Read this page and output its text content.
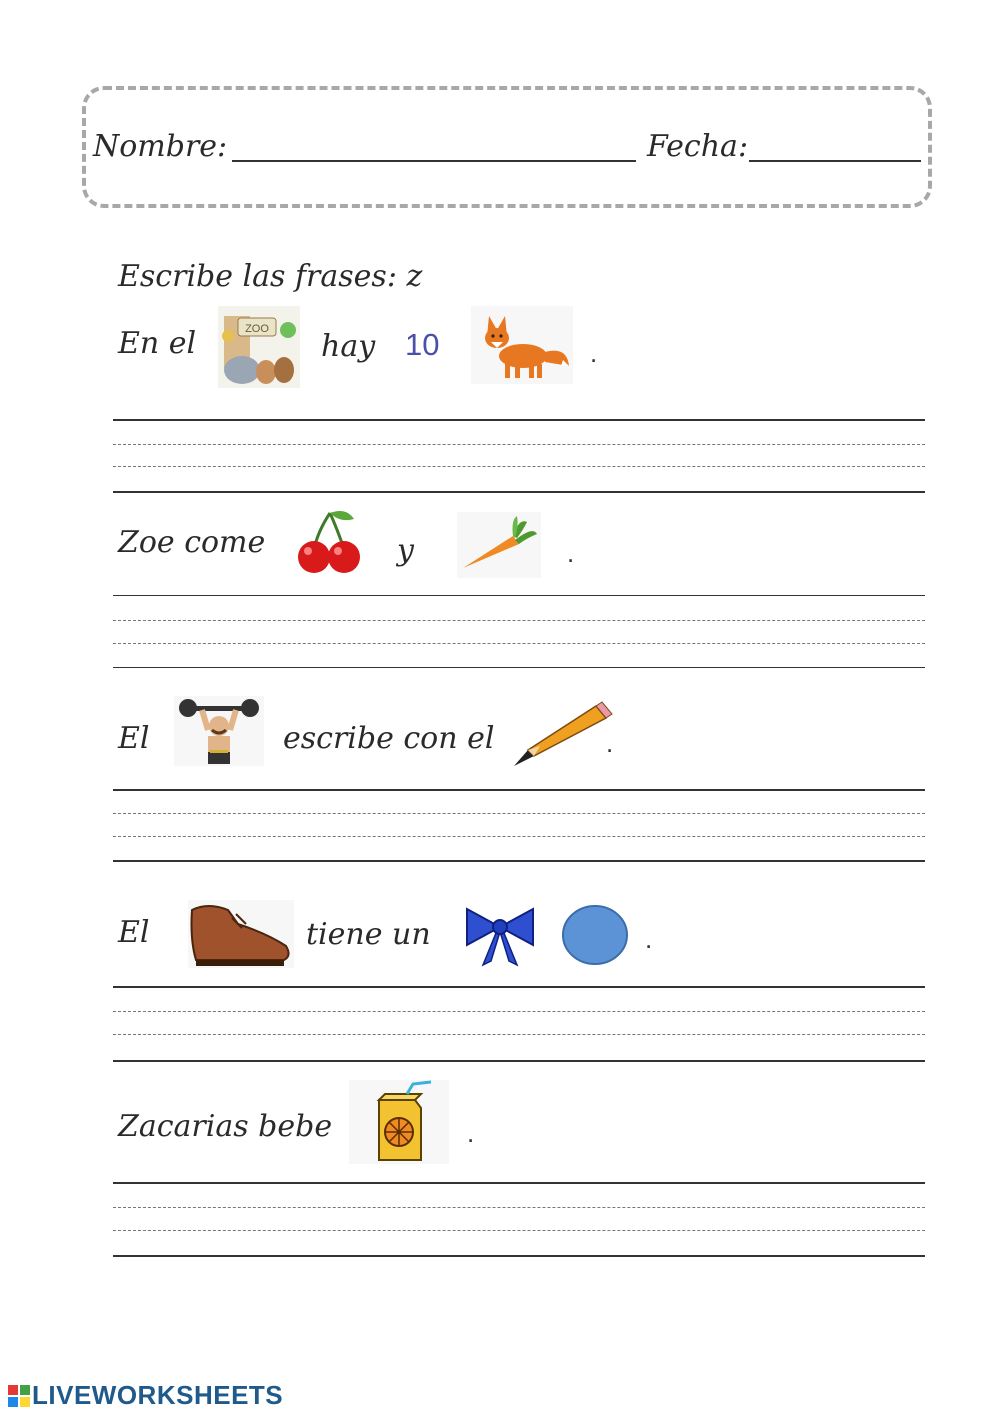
Nombre:	Fecha:
Escribe las frases: z
En el	ZOO hay 10	.
Zoe come	y	.
El	escribe con el	.
El	tiene un	.
Zacarias bebe	.
LIVEWORKSHEETS
